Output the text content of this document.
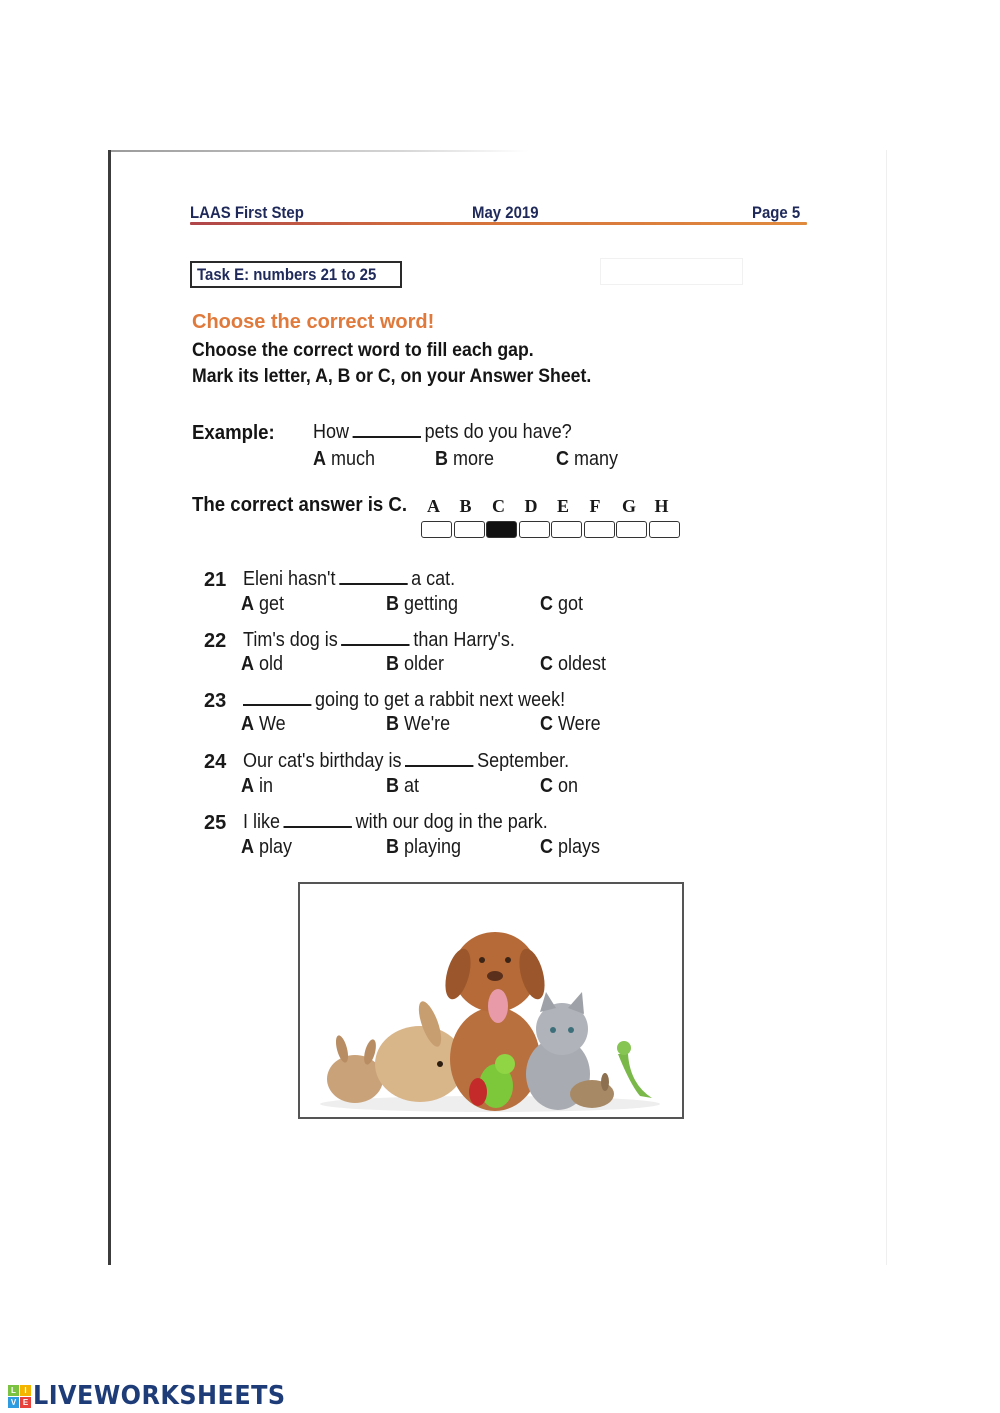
LAAS First Step	May 2019	Page 5
Task E: numbers 21 to 25
Choose the correct word!
Choose the correct word to fill each gap.
Mark its letter, A, B or C, on your Answer Sheet.
Example: How	pets do you have?
A much	B more	C many
The correct answer is C. A	B	C	D	E	F	G	H
21 Eleni hasn't	a cat.
A get	B getting	C got
22 Tim's dog is	than Harry's.
A old	B older	C oldest
23	going to get a rabbit next week!
A We	B We're	C Were
24 Our cat's birthday is	September.
A in	B at	C on
25 I like	with our dog in the park.
A play	B playing	C plays
L	I
V E LIVEWORKSHEETS
